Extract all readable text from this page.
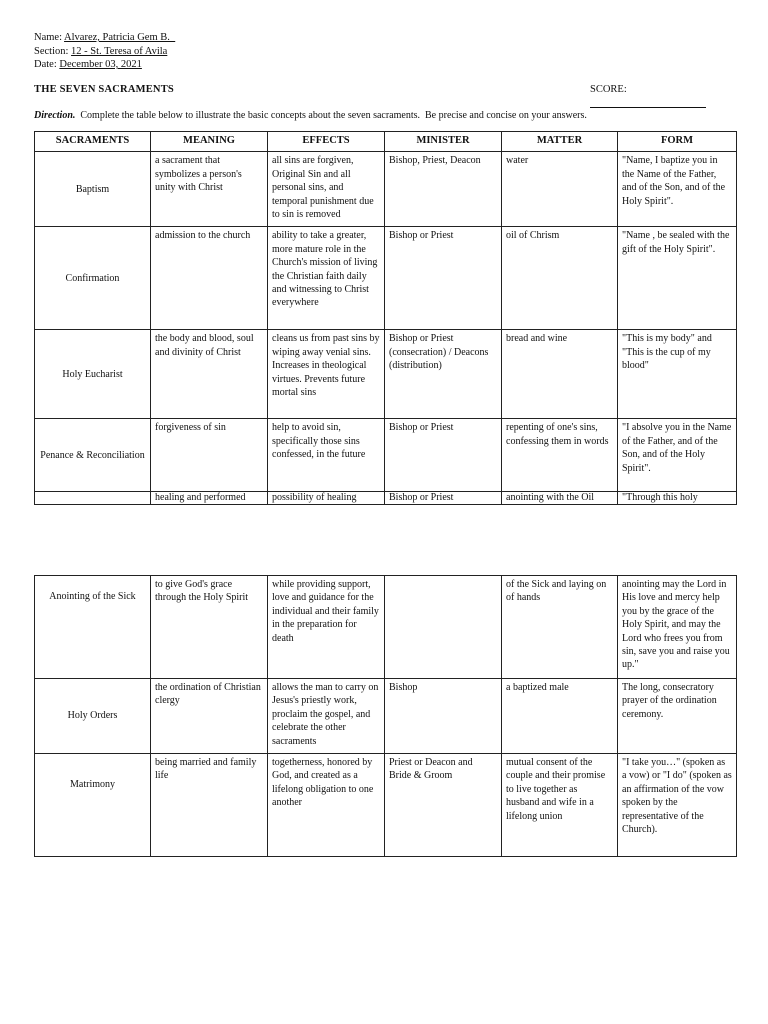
Name: Alvarez, Patricia Gem B._
Section: 12 - St. Teresa of Avila
Date: December 03, 2021
THE SEVEN SACRAMENTS	SCORE:
Direction.  Complete the table below to illustrate the basic concepts about the seven sacraments.  Be precise and concise on your answers.
SACRAMENTS	MEANING	EFFECTS	MINISTER	MATTER	FORM
Baptism	a sacrament that symbolizes a person's unity with Christ	all sins are forgiven, Original Sin and all personal sins, and temporal punishment due to sin is removed	Bishop, Priest, Deacon	water	"Name, I baptize you in the Name of the Father, and of the Son, and of the Holy Spirit".
Confirmation	admission to the church	ability to take a greater, more mature role in the Church's mission of living the Christian faith daily and witnessing to Christ everywhere	Bishop or Priest	oil of Chrism	"Name , be sealed with the gift of the Holy Spirit".
Holy Eucharist	the body and blood, soul and divinity of Christ	cleans us from past sins by wiping away venial sins. Increases in theological virtues. Prevents future mortal sins	Bishop or Priest (consecration) / Deacons (distribution)	bread and wine	"This is my body" and "This is the cup of my blood"
Penance & Reconciliation	forgiveness of sin	help to avoid sin, specifically those sins confessed, in the future	Bishop or Priest	repenting of one's sins, confessing them in words	"I absolve you in the Name of the Father, and of the Son, and of the Holy Spirit".
	healing and performed	possibility of healing	Bishop or Priest	anointing with the Oil	"Through this holy
Anointing of the Sick	to give God's grace through the Holy Spirit	while providing support, love and guidance for the individual and their family in the preparation for death		of the Sick and laying on of hands	anointing may the Lord in His love and mercy help you by the grace of the Holy Spirit, and may the Lord who frees you from sin, save you and raise you up."
Holy Orders	the ordination of Christian clergy	allows the man to carry on Jesus's priestly work, proclaim the gospel, and celebrate the other sacraments	Bishop	a baptized male	The long, consecratory prayer of the ordination ceremony.
Matrimony	being married and family life	togetherness, honored by God, and created as a lifelong obligation to one another	Priest or Deacon and Bride & Groom	mutual consent of the couple and their promise to live together as husband and wife in a lifelong union	"I take you…" (spoken as a vow) or "I do" (spoken as an affirmation of the vow spoken by the representative of the Church).
